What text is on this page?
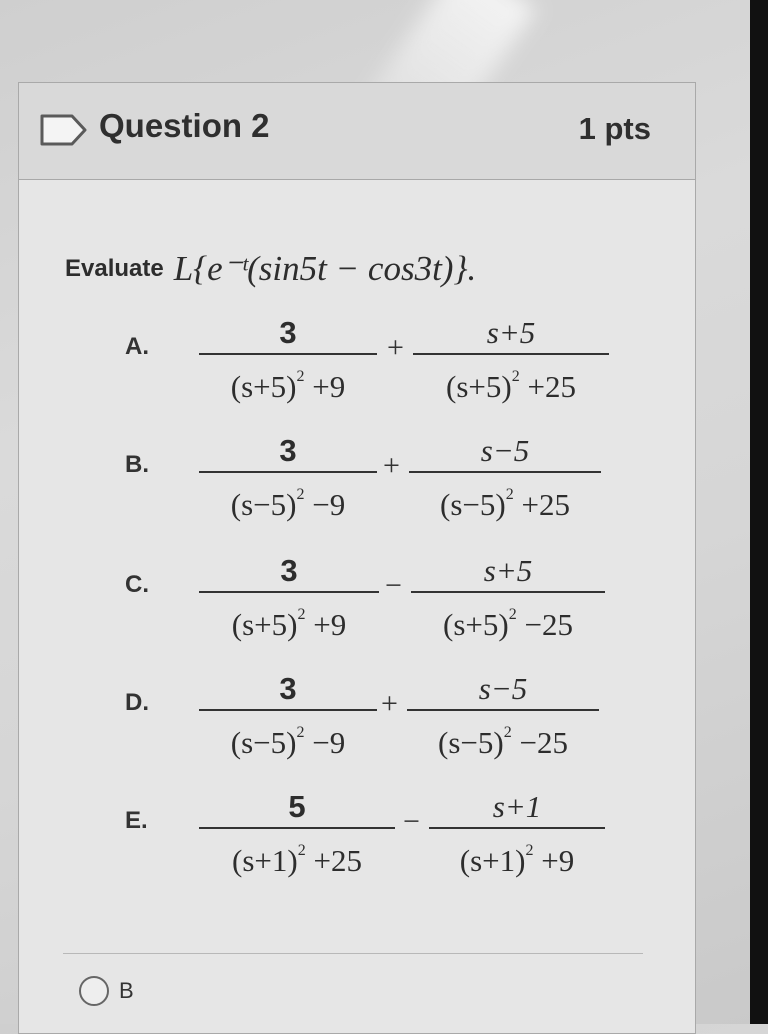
Question 2	1 pts
Evaluate L{e⁻ᵗ(sin5t − cos3t)}.
A.	3
$(s+5)^2 +9$
+	s+5
$(s+5)^2 +25$
B.	3
$(s-5)^2 -9$
+	s−5
$(s-5)^2 +25$
C.	3
$(s+5)^2 +9$
−	s+5
$(s+5)^2 -25$
D.	3
$(s-5)^2 -9$
+	s−5
$(s-5)^2 -25$
E.	5
$(s+1)^2 +25$
−	s+1
$(s+1)^2 +9$
B
